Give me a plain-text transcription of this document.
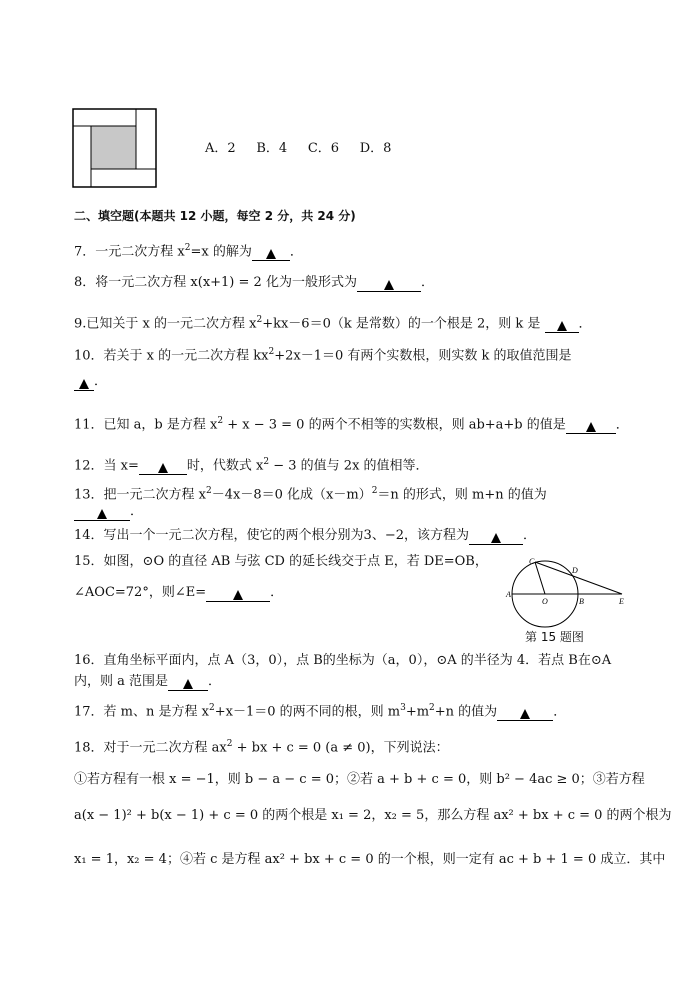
A．2 B．4 C．6 D．8
二、填空题(本题共 12 小题，每空 2 分，共 24 分)
7．一元二次方程 $x^2=x$ 的解为	．
8．将一元二次方程 x(x+1) = 2 化为一般形式为	．
9.已知关于 x 的一元二次方程 $x^2+kx-6=0(k$ 是常数）的一个根是 2，则 k 是	．
10．若关于 x 的一元二次方程 $kx^2+2x-1=0$ 有两个实数根，则实数 k 的取值范围是
．
11．已知 a，b 是方程 $x^2 + x - 3 = 0$ 的两个不相等的实数根，则 ab+a+b 的值是	．
12．当 x=	时，代数式 $x^2 - 3$ 的值与 2x 的值相等．
13．把一元二次方程 $x^2-4x-8=0$ 化成$(x-m)^2=n$ 的形式，则 m+n 的值为
．
14．写出一个一元二次方程，使它的两个根分别为3、−2，该方程为	．
15．如图，⊙O 的直径 AB 与弦 CD 的延长线交于点 E，若 DE=OB，
∠AOC=72°，则∠E=	．
C
D
A
O	B	E
第 15 题图
16．直角坐标平面内，点 A（3，0），点 B的坐标为（a，0），⊙A 的半径为 4．若点 B在⊙A
内，则 a 范围是	．
17．若 m、n 是方程 $x^2+x-1=0$ 的两不同的根，则 $m^3+m^2+n$ 的值为	．
18．对于一元二次方程 $ax^2$ + bx + c = 0 (a ≠ 0)，下列说法：
①若方程有一根 x = −1，则 b − a − c = 0；②若 a + b + c = 0，则 b² − 4ac ≥ 0；③若方程
a(x − 1)² + b(x − 1) + c = 0 的两个根是 x₁ = 2，x₂ = 5，那么方程 ax² + bx + c = 0 的两个根为
x₁ = 1，x₂ = 4；④若 c 是方程 ax² + bx + c = 0 的一个根，则一定有 ac + b + 1 = 0 成立．其中
